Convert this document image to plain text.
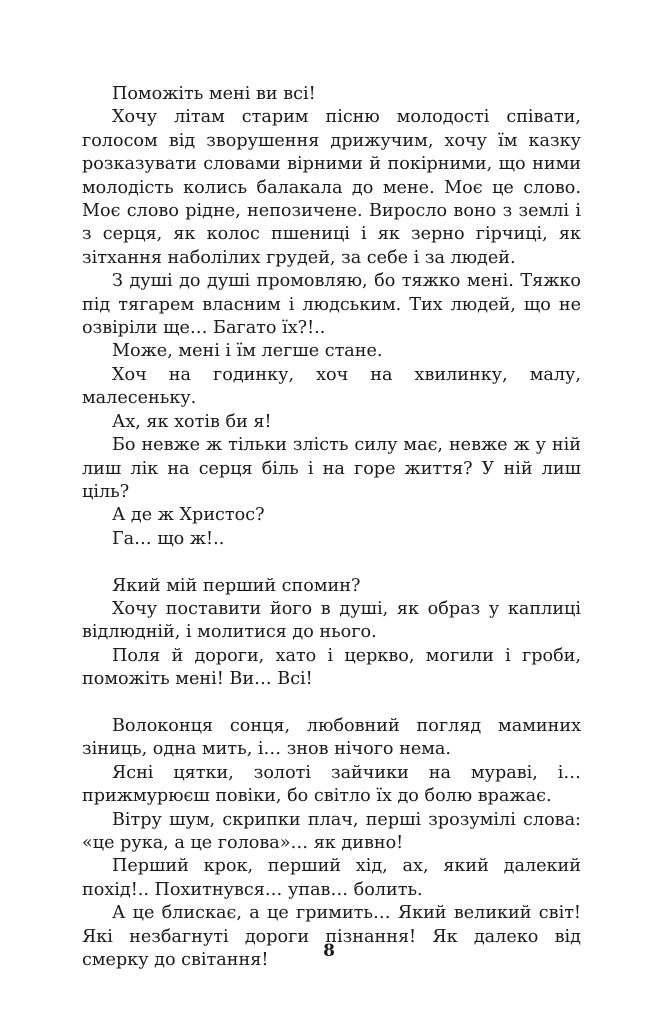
Поможіть мені ви всі!

Хочу літам старим пісню молодості співати, голосом від зворушення дрижучим, хочу їм казку розказувати словами вірними й покірними, що ними молодість колись балакала до мене. Моє це слово. Моє слово рідне, непозичене. Виросло воно з землі і з серця, як колос пшениці і як зерно гірчиці, як зітхання наболілих грудей, за себе і за людей.

З душі до душі промовляю, бо тяжко мені. Тяжко під тягарем власним і людським. Тих людей, що не озвіріли ще… Багато їх?!..

Може, мені і їм легше стане.

Хоч на годинку, хоч на хвилинку, малу, малесеньку.

Ах, як хотів би я!

Бо невже ж тільки злість силу має, невже ж у ній лиш лік на серця біль і на горе життя? У ній лиш ціль?

А де ж Христос?

Га… що ж!..

Який мій перший спомин?

Хочу поставити його в душі, як образ у каплиці відлюдній, і молитися до нього.

Поля й дороги, хато і церкво, могили і гроби, поможіть мені! Ви… Всі!

Волоконця сонця, любовний погляд маминих зіниць, одна мить, і… знов нічого нема.

Ясні цятки, золоті зайчики на мураві, і… прижмурюєш повіки, бо світло їх до болю вражає.

Вітру шум, скрипки плач, перші зрозумілі слова: «це рука, а це голова»… як дивно!

Перший крок, перший хід, ах, який далекий похід!.. Похитнувся… упав… болить.

А це блискає, а це гримить… Який великий світ! Які незбагнуті дороги пізнання! Як далеко від смерку до світання!	8
